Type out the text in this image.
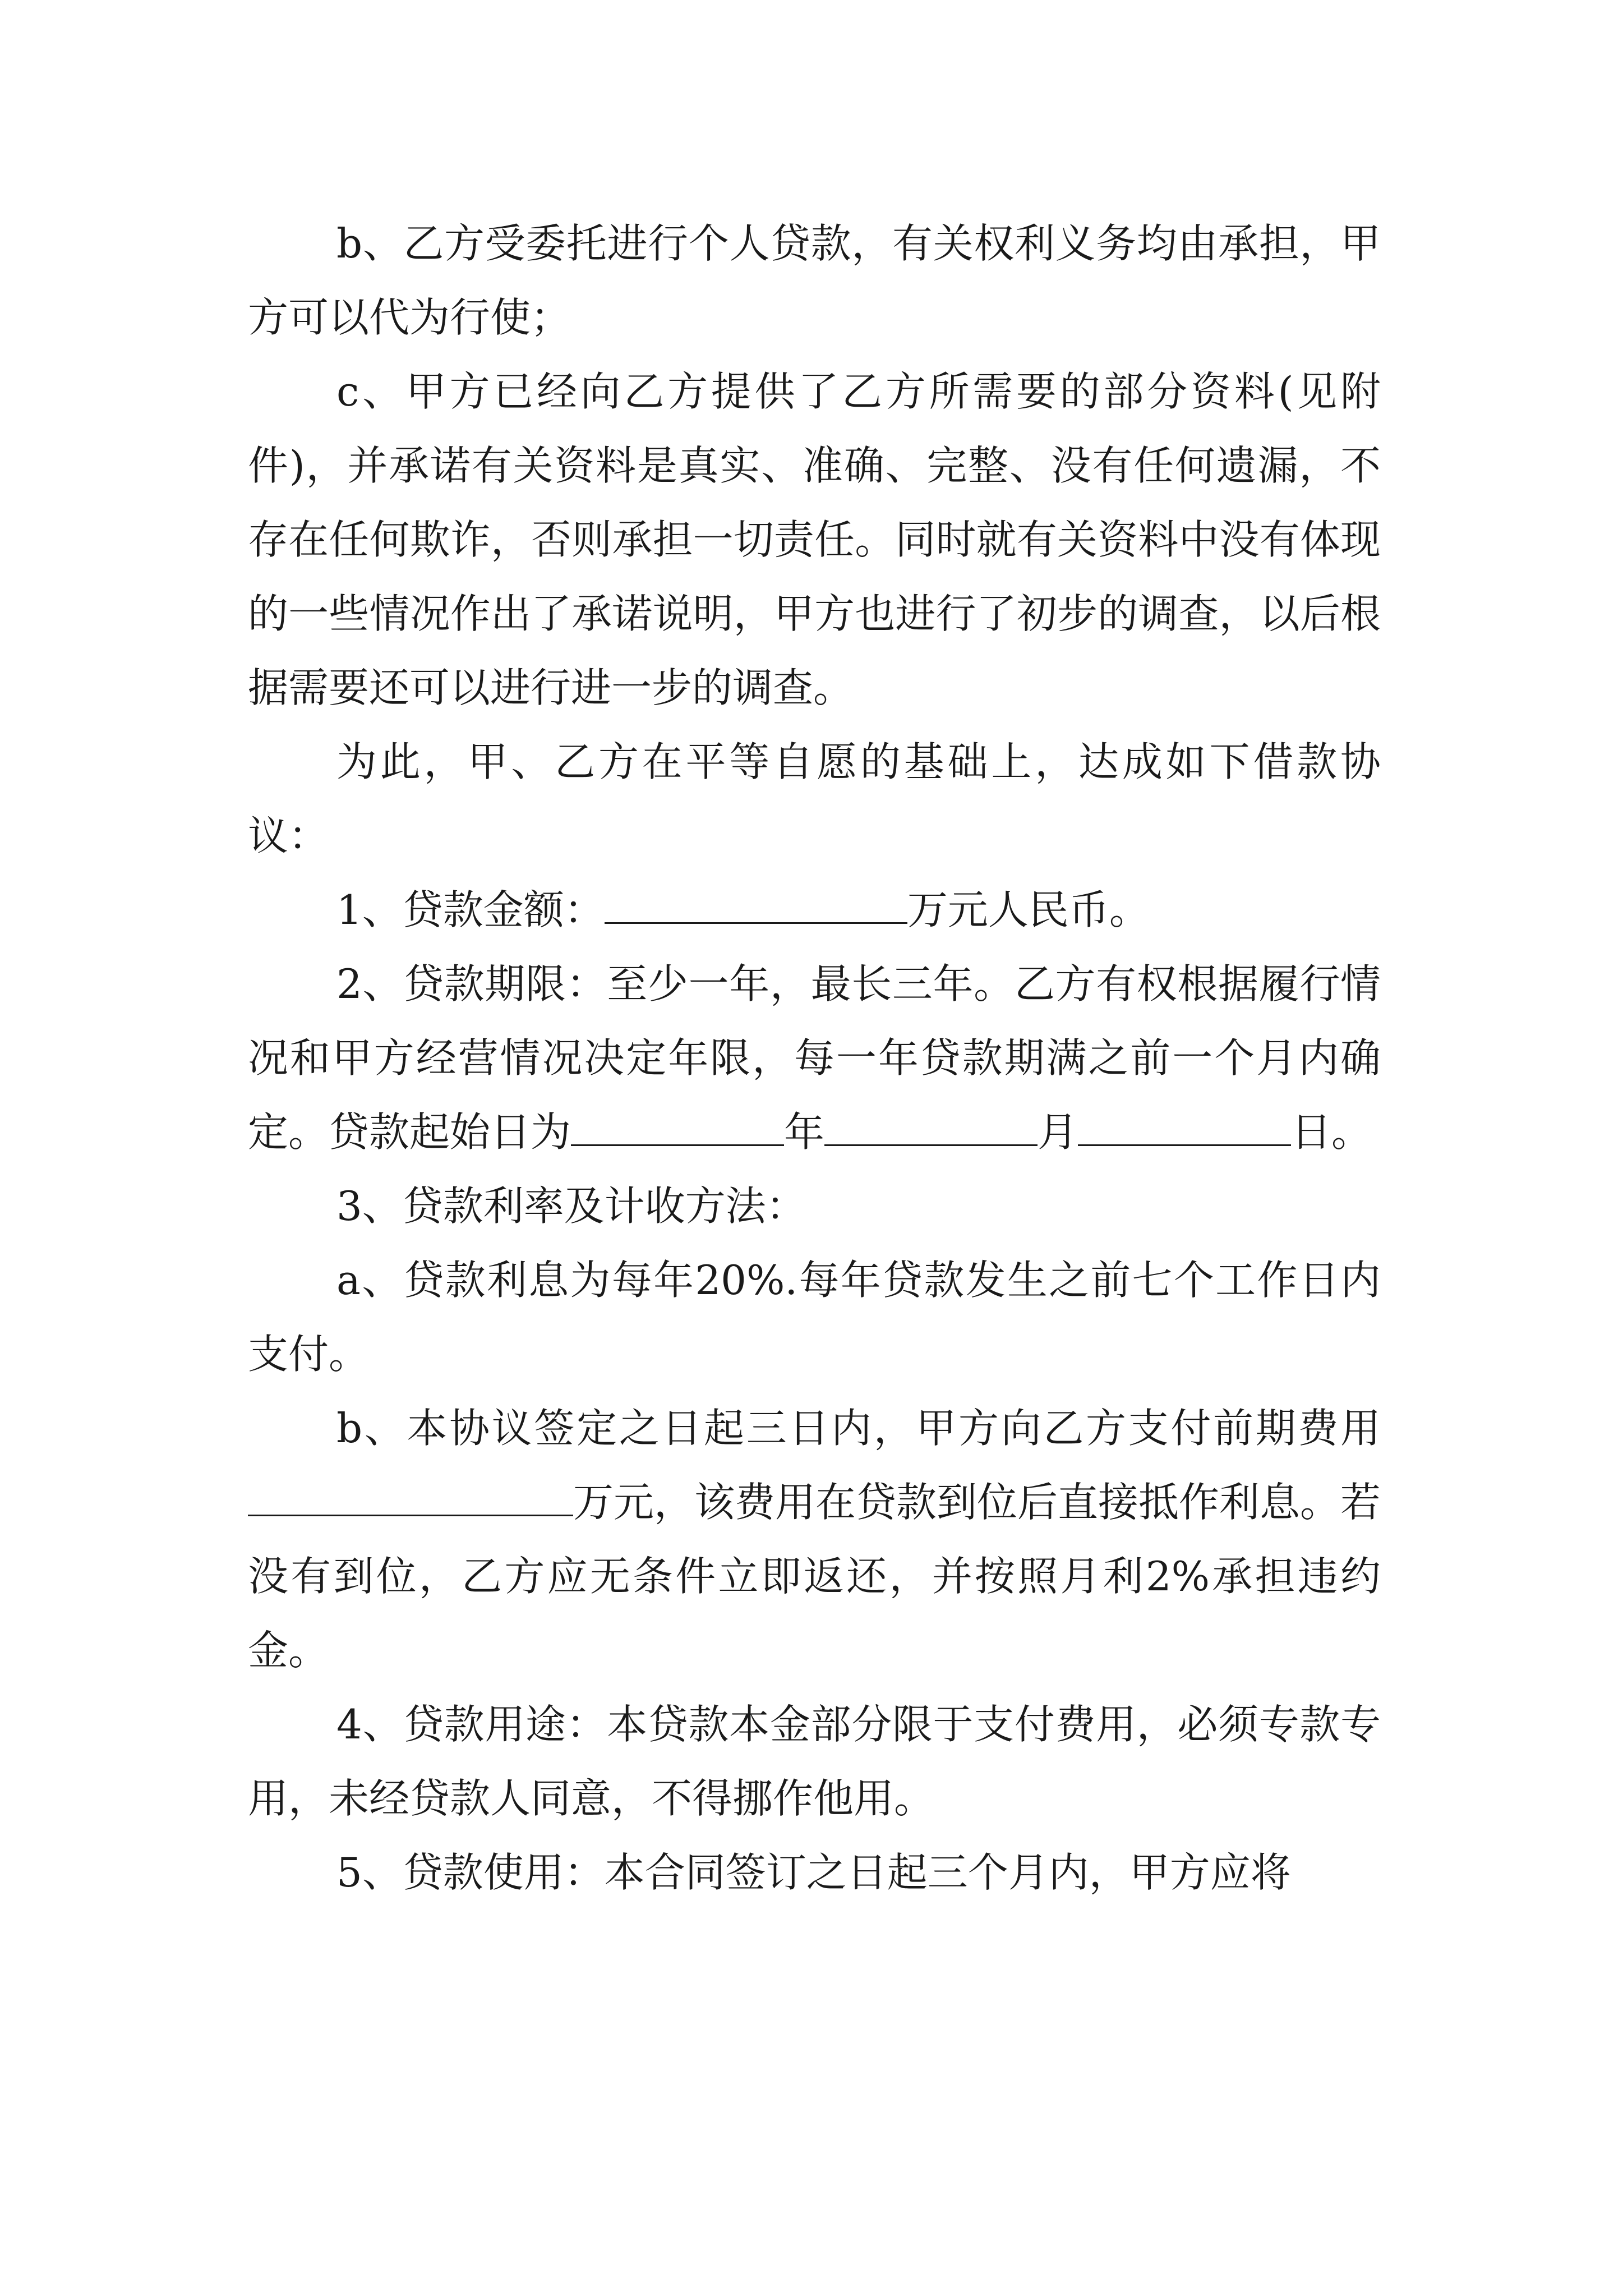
b、乙方受委托进行个人贷款，有关权利义务均由承担，甲方可以代为行使；

c、甲方已经向乙方提供了乙方所需要的部分资料(见附件)，并承诺有关资料是真实、准确、完整、没有任何遗漏，不存在任何欺诈，否则承担一切责任。同时就有关资料中没有体现的一些情况作出了承诺说明，甲方也进行了初步的调查，以后根据需要还可以进行进一步的调查。

为此，甲、乙方在平等自愿的基础上，达成如下借款协议：

1、贷款金额：	万元人民币。

2、贷款期限：至少一年，最长三年。乙方有权根据履行情况和甲方经营情况决定年限，每一年贷款期满之前一个月内确定。贷款起始日为	年	月	日。

3、贷款利率及计收方法：

a、贷款利息为每年20%.每年贷款发生之前七个工作日内支付。

b、本协议签定之日起三日内，甲方向乙方支付前期费用万元，该费用在贷款到位后直接抵作利息。若没有到位，乙方应无条件立即返还，并按照月利2%承担违约金。

4、贷款用途：本贷款本金部分限于支付费用，必须专款专用，未经贷款人同意，不得挪作他用。

5、贷款使用：本合同签订之日起三个月内，甲方应将
